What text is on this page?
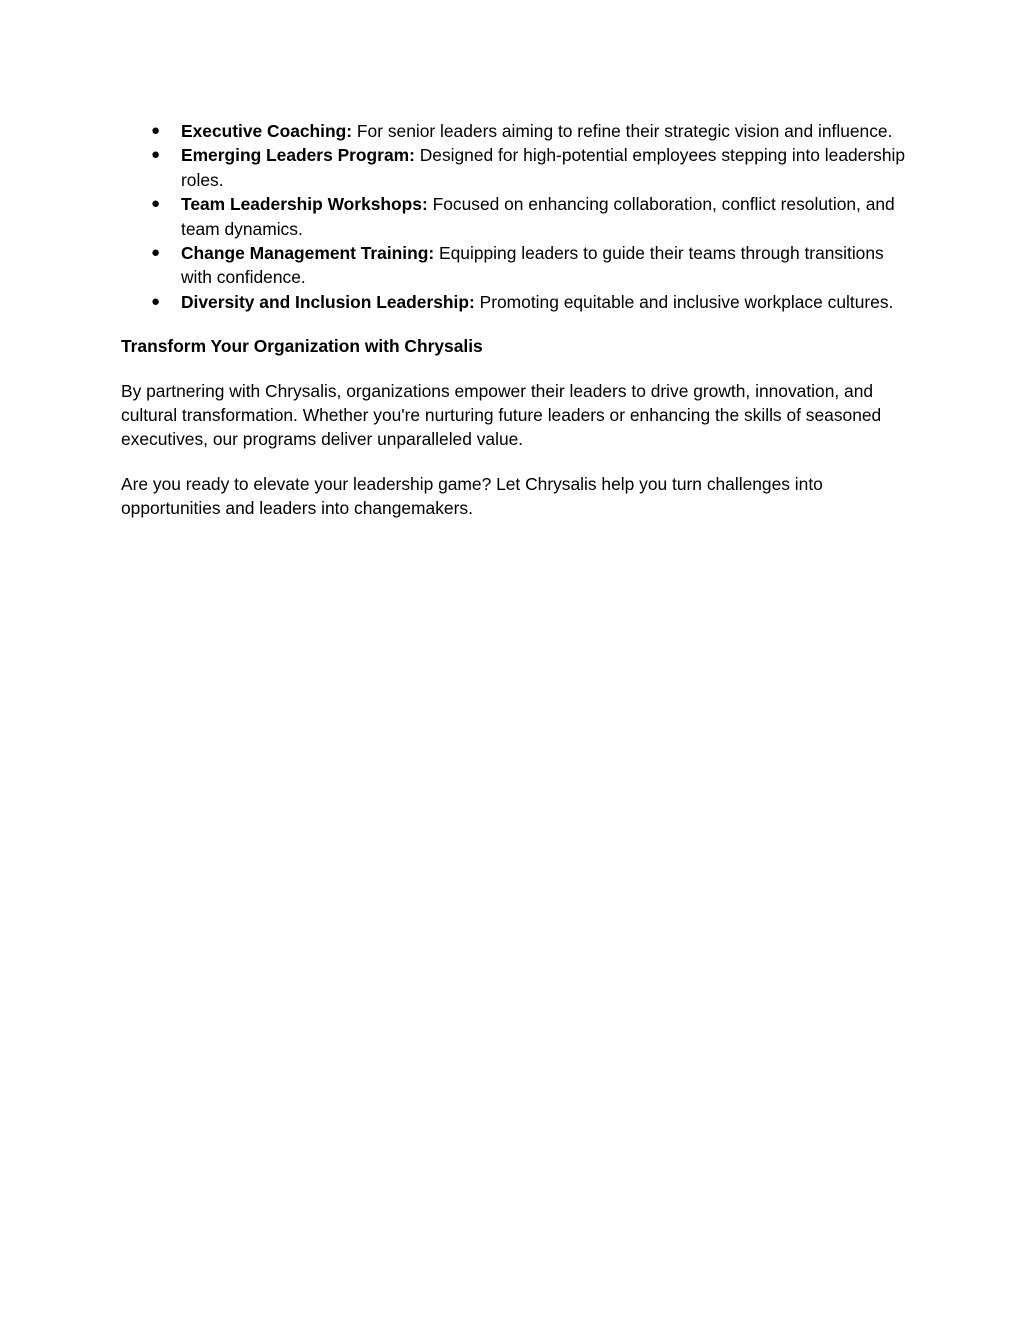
●	Executive Coaching: For senior leaders aiming to refine their strategic vision and influence.
●	Emerging Leaders Program: Designed for high-potential employees stepping into leadership roles.
●	Team Leadership Workshops: Focused on enhancing collaboration, conflict resolution, and team dynamics.
●	Change Management Training: Equipping leaders to guide their teams through transitions with confidence.
●	Diversity and Inclusion Leadership: Promoting equitable and inclusive workplace cultures.
Transform Your Organization with Chrysalis

By partnering with Chrysalis, organizations empower their leaders to drive growth, innovation, and cultural transformation. Whether you're nurturing future leaders or enhancing the skills of seasoned executives, our programs deliver unparalleled value.

Are you ready to elevate your leadership game? Let Chrysalis help you turn challenges into opportunities and leaders into changemakers.
